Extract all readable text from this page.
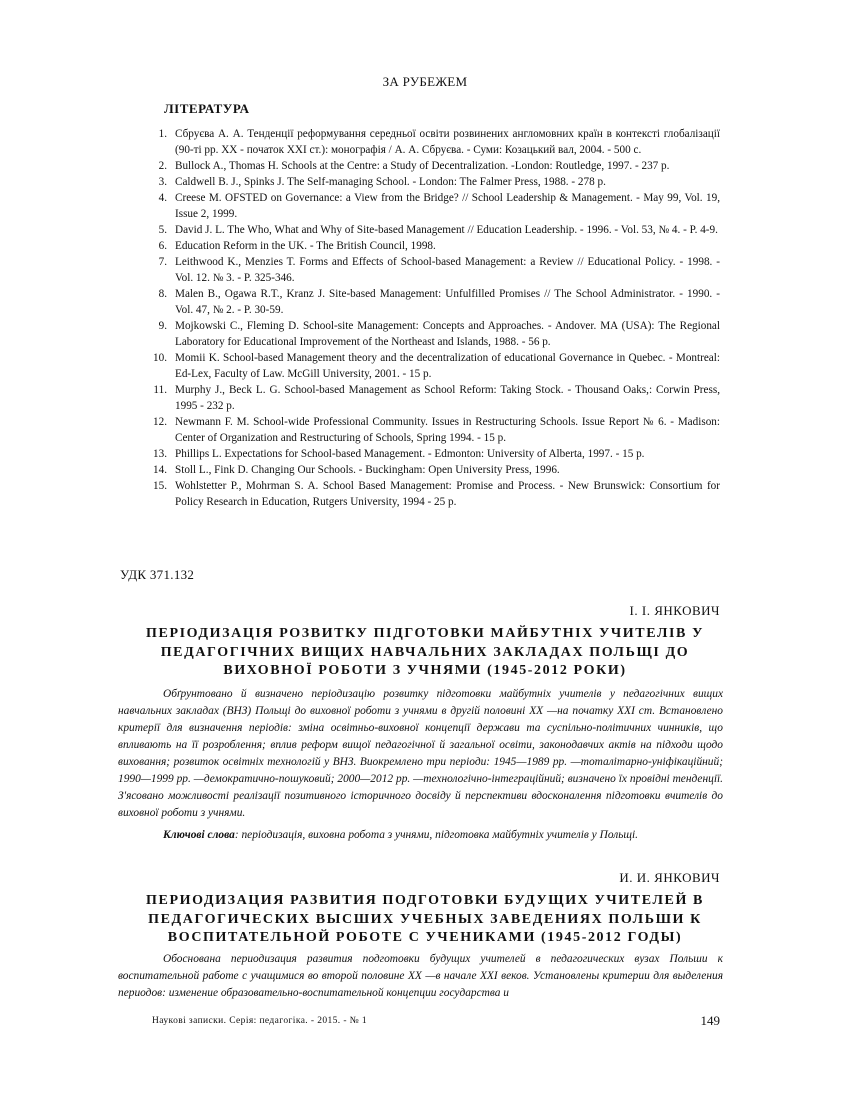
ЗА РУБЕЖЕМ
ЛІТЕРАТУРА
1. Сбруєва А. А. Тенденції реформування середньої освіти розвинених англомовних країн в контексті глобалізації (90-ті рр. ХХ - початок ХХІ ст.): монографія / А. А. Сбруєва. - Суми: Козацький вал, 2004. - 500 с.
2. Bullock A., Thomas H. Schools at the Centre: a Study of Decentralization. -London: Routledge, 1997. - 237 p.
3. Caldwell B. J., Spinks J. The Self-managing School. - London: The Falmer Press, 1988. - 278 p.
4. Creese M. OFSTED on Governance: a View from the Bridge? // School Leadership & Management. - May 99, Vol. 19, Issue 2, 1999.
5. David J. L. The Who, What and Why of Site-based Management // Education Leadership. - 1996. - Vol. 53, № 4. - P. 4-9.
6. Education Reform in the UK. - The British Council, 1998.
7. Leithwood K., Menzies T. Forms and Effects of School-based Management: a Review // Educational Policy. - 1998. - Vol. 12. № 3. - P. 325-346.
8. Malen B., Ogawa R.T., Kranz J. Site-based Management: Unfulfilled Promises // The School Administrator. - 1990. - Vol. 47, № 2. - P. 30-59.
9. Mojkowski C., Fleming D. School-site Management: Concepts and Approaches. - Andover. MA (USA): The Regional Laboratory for Educational Improvement of the Northeast and Islands, 1988. - 56 p.
10. Momii K. School-based Management theory and the decentralization of educational Governance in Quebec. - Montreal: Ed-Lex, Faculty of Law. McGill University, 2001. - 15 p.
11. Murphy J., Beck L. G. School-based Management as School Reform: Taking Stock. - Thousand Oaks,: Corwin Press, 1995 - 232 p.
12. Newmann F. M. School-wide Professional Community. Issues in Restructuring Schools. Issue Report № 6. - Madison: Center of Organization and Restructuring of Schools, Spring 1994. - 15 p.
13. Phillips L. Expectations for School-based Management. - Edmonton: University of Alberta, 1997. - 15 p.
14. Stoll L., Fink D. Changing Our Schools. - Buckingham: Open University Press, 1996.
15. Wohlstetter P., Mohrman S. A. School Based Management: Promise and Process. - New Brunswick: Consortium for Policy Research in Education, Rutgers University, 1994 - 25 p.
УДК 371.132
І. І. ЯНКОВИЧ
ПЕРІОДИЗАЦІЯ РОЗВИТКУ ПІДГОТОВКИ МАЙБУТНІХ УЧИТЕЛІВ У ПЕДАГОГІЧНИХ ВИЩИХ НАВЧАЛЬНИХ ЗАКЛАДАХ ПОЛЬЩІ ДО ВИХОВНОЇ РОБОТИ З УЧНЯМИ (1945-2012 РОКИ)

Обґрунтовано й визначено періодизацію розвитку підготовки майбутніх учителів у педагогічних вищих навчальних закладах (ВНЗ) Польщі до виховної роботи з учнями в другій половині ХХ —на початку ХХІ ст. Встановлено критерії для визначення періодів: зміна освітньо-виховної концепції держави та суспільно-політичних чинників, що впливають на її розроблення; вплив реформ вищої педагогічної й загальної освіти, законодавчих актів на підходи щодо виховання; розвиток освітніх технологій у ВНЗ. Виокремлено три періоди: 1945—1989 рр. —тоталітарно-уніфікаційний; 1990—1999 рр. —демократично-пошуковий; 2000—2012 рр. —технологічно-інтеграційний; визначено їх провідні тенденції. З'ясовано можливості реалізації позитивного історичного досвіду й перспективи вдосконалення підготовки вчителів до виховної роботи з учнями.

Ключові слова: періодизація, виховна робота з учнями, підготовка майбутніх учителів у Польщі.
И. И. ЯНКОВИЧ
ПЕРИОДИЗАЦИЯ РАЗВИТИЯ ПОДГОТОВКИ БУДУЩИХ УЧИТЕЛЕЙ В ПЕДАГОГИЧЕСКИХ ВЫСШИХ УЧЕБНЫХ ЗАВЕДЕНИЯХ ПОЛЬШИ К ВОСПИТАТЕЛЬНОЙ РОБОТЕ С УЧЕНИКАМИ (1945-2012 ГОДЫ)

Обоснована периодизация развития подготовки будущих учителей в педагогических вузах Польши к воспитательной работе с учащимися во второй половине ХХ —в начале XXI веков. Установлены критерии для выделения периодов: изменение образовательно-воспитательной концепции государства и

Наукові записки. Серія: педагогіка. - 2015. - № 1	149
